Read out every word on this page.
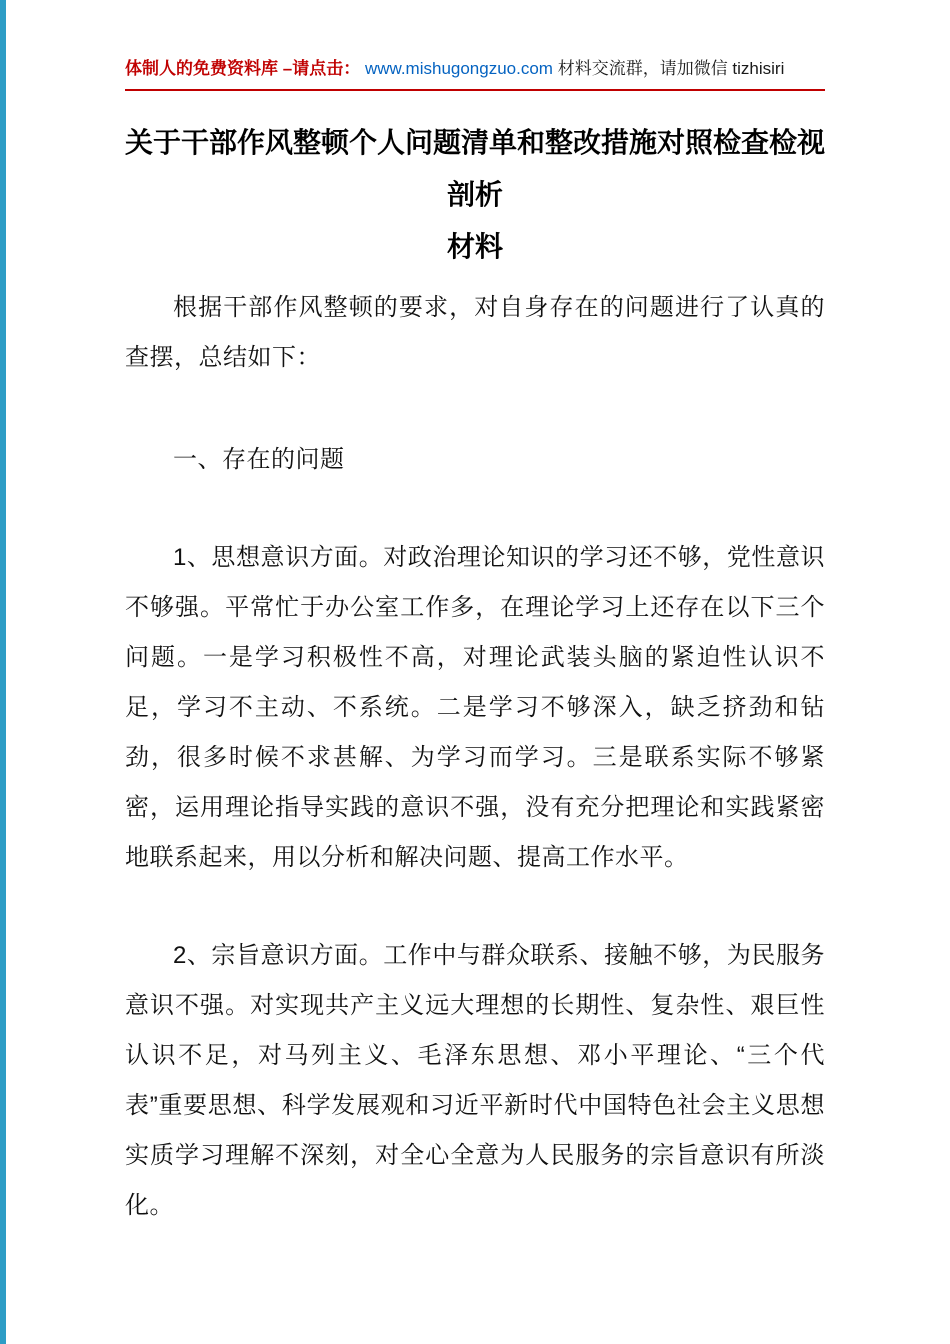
体制人的免费资料库 –请点击： www.mishugongzuo.com 材料交流群，请加微信 tizhisiri
关于干部作风整顿个人问题清单和整改措施对照检查检视剖析
材料

根据干部作风整顿的要求，对自身存在的问题进行了认真的查摆，总结如下：

一、存在的问题

1、思想意识方面。对政治理论知识的学习还不够，党性意识不够强。平常忙于办公室工作多，在理论学习上还存在以下三个问题。一是学习积极性不高，对理论武装头脑的紧迫性认识不足，学习不主动、不系统。二是学习不够深入，缺乏挤劲和钻劲，很多时候不求甚解、为学习而学习。三是联系实际不够紧密，运用理论指导实践的意识不强，没有充分把理论和实践紧密地联系起来，用以分析和解决问题、提高工作水平。

2、宗旨意识方面。工作中与群众联系、接触不够，为民服务意识不强。对实现共产主义远大理想的长期性、复杂性、艰巨性认识不足，对马列主义、毛泽东思想、邓小平理论、“三个代表”重要思想、科学发展观和习近平新时代中国特色社会主义思想实质学习理解不深刻，对全心全意为人民服务的宗旨意识有所淡化。
